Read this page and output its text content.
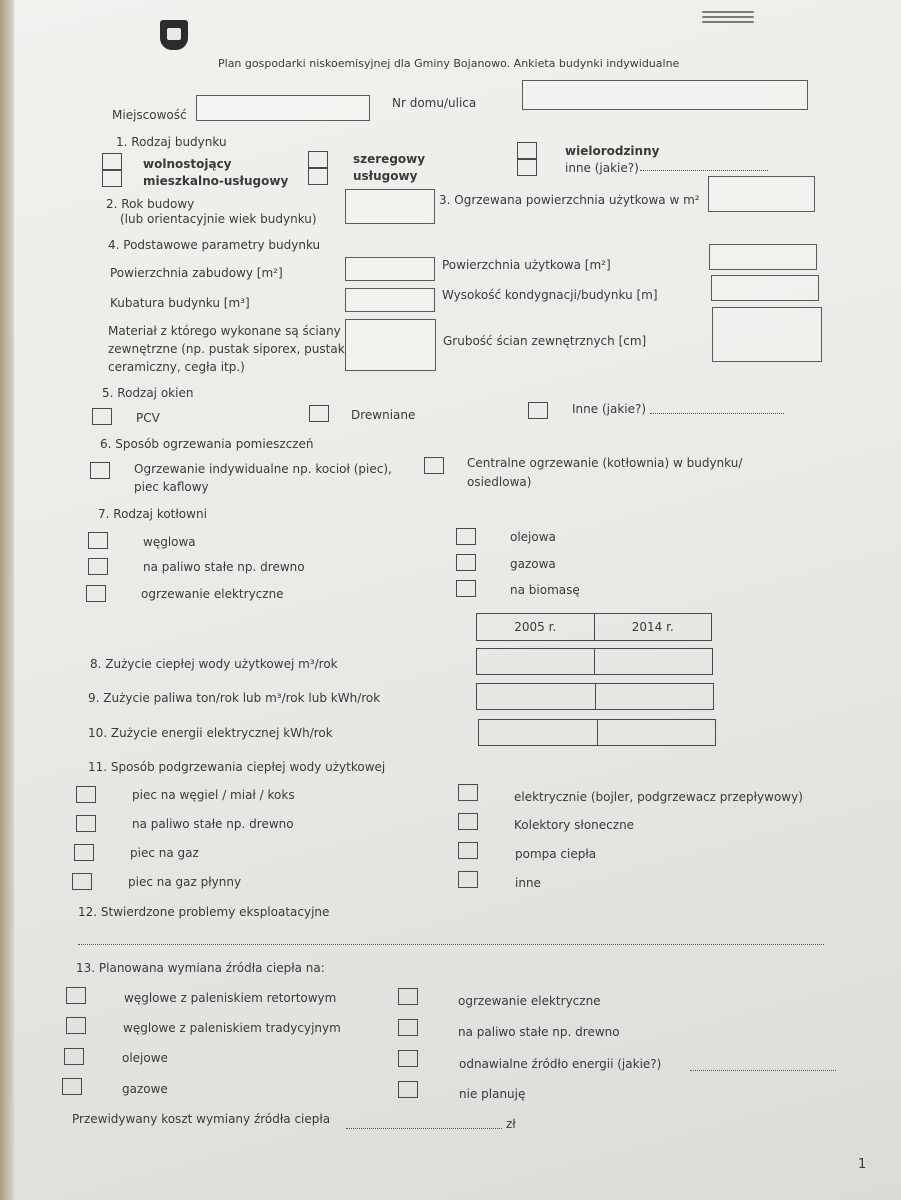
Plan gospodarki niskoemisyjnej dla Gminy Bojanowo. Ankieta budynki indywidualne
Miejscowość
Nr domu/ulica
1. Rodzaj budynku
wolnostojący
mieszkalno-usługowy
szeregowy
usługowy
wielorodzinny
inne (jakie?)
2. Rok budowy
(lub orientacyjnie wiek budynku)
3. Ogrzewana powierzchnia użytkowa w m²
4. Podstawowe parametry budynku
Powierzchnia zabudowy [m²]
Powierzchnia użytkowa [m²]
Kubatura budynku [m³]
Wysokość kondygnacji/budynku [m]
Materiał z którego wykonane są ściany
zewnętrzne (np. pustak siporex, pustak
ceramiczny, cegła itp.)
Grubość ścian zewnętrznych [cm]
5. Rodzaj okien
PCV	Drewniane	Inne (jakie?)
6. Sposób ogrzewania pomieszczeń
Ogrzewanie indywidualne np. kocioł (piec),
piec kaflowy
Centralne ogrzewanie (kotłownia) w budynku/
osiedlowa)
7. Rodzaj kotłowni
węglowa
na paliwo stałe np. drewno
ogrzewanie elektryczne
olejowa
gazowa
na biomasę
2005 r.	2014 r.
8. Zużycie ciepłej wody użytkowej m³/rok
9. Zużycie paliwa ton/rok lub m³/rok lub kWh/rok
10. Zużycie energii elektrycznej kWh/rok
11. Sposób podgrzewania ciepłej wody użytkowej
piec na węgiel / miał / koks
na paliwo stałe np. drewno
piec na gaz
piec na gaz płynny
elektrycznie (bojler, podgrzewacz przepływowy)
Kolektory słoneczne
pompa ciepła
inne
12. Stwierdzone problemy eksploatacyjne
13. Planowana wymiana źródła ciepła na:
węglowe z paleniskiem retortowym
węglowe z paleniskiem tradycyjnym
olejowe
gazowe
ogrzewanie elektryczne
na paliwo stałe np. drewno
odnawialne źródło energii (jakie?)
nie planuję
Przewidywany koszt wymiany źródła ciepła	zł
1
